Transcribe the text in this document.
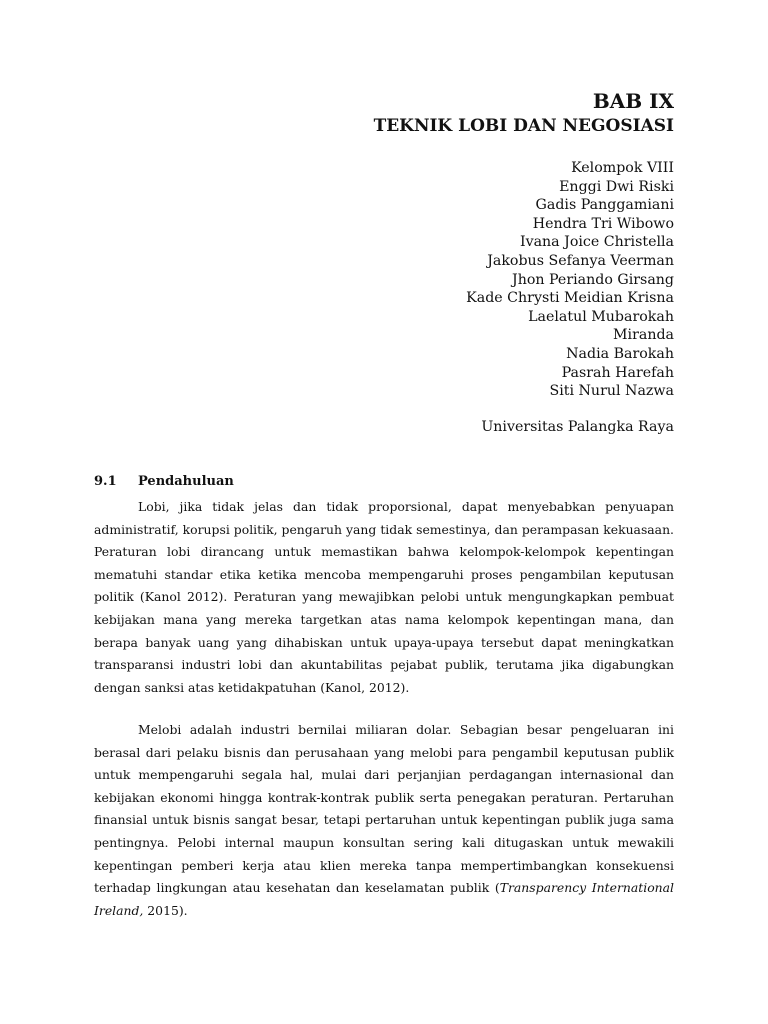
BAB IX
TEKNIK LOBI DAN NEGOSIASI
Kelompok VIII
Enggi Dwi Riski
Gadis Panggamiani
Hendra Tri Wibowo
Ivana Joice Christella
Jakobus Sefanya Veerman
Jhon Periando Girsang
Kade Chrysti Meidian Krisna
Laelatul Mubarokah
Miranda
Nadia Barokah
Pasrah Harefah
Siti Nurul Nazwa
Universitas Palangka Raya
9.1 Pendahuluan

Lobi, jika tidak jelas dan tidak proporsional, dapat menyebabkan penyuapan administratif, korupsi politik, pengaruh yang tidak semestinya, dan perampasan kekuasaan. Peraturan lobi dirancang untuk memastikan bahwa kelompok-kelompok kepentingan mematuhi standar etika ketika mencoba mempengaruhi proses pengambilan keputusan politik (Kanol 2012). Peraturan yang mewajibkan pelobi untuk mengungkapkan pembuat kebijakan mana yang mereka targetkan atas nama kelompok kepentingan mana, dan berapa banyak uang yang dihabiskan untuk upaya-upaya tersebut dapat meningkatkan transparansi industri lobi dan akuntabilitas pejabat publik, terutama jika digabungkan dengan sanksi atas ketidakpatuhan (Kanol, 2012).

Melobi adalah industri bernilai miliaran dolar. Sebagian besar pengeluaran ini berasal dari pelaku bisnis dan perusahaan yang melobi para pengambil keputusan publik untuk mempengaruhi segala hal, mulai dari perjanjian perdagangan internasional dan kebijakan ekonomi hingga kontrak-kontrak publik serta penegakan peraturan. Pertaruhan finansial untuk bisnis sangat besar, tetapi pertaruhan untuk kepentingan publik juga sama pentingnya. Pelobi internal maupun konsultan sering kali ditugaskan untuk mewakili kepentingan pemberi kerja atau klien mereka tanpa mempertimbangkan konsekuensi terhadap lingkungan atau kesehatan dan keselamatan publik (Transparency International Ireland, 2015).
